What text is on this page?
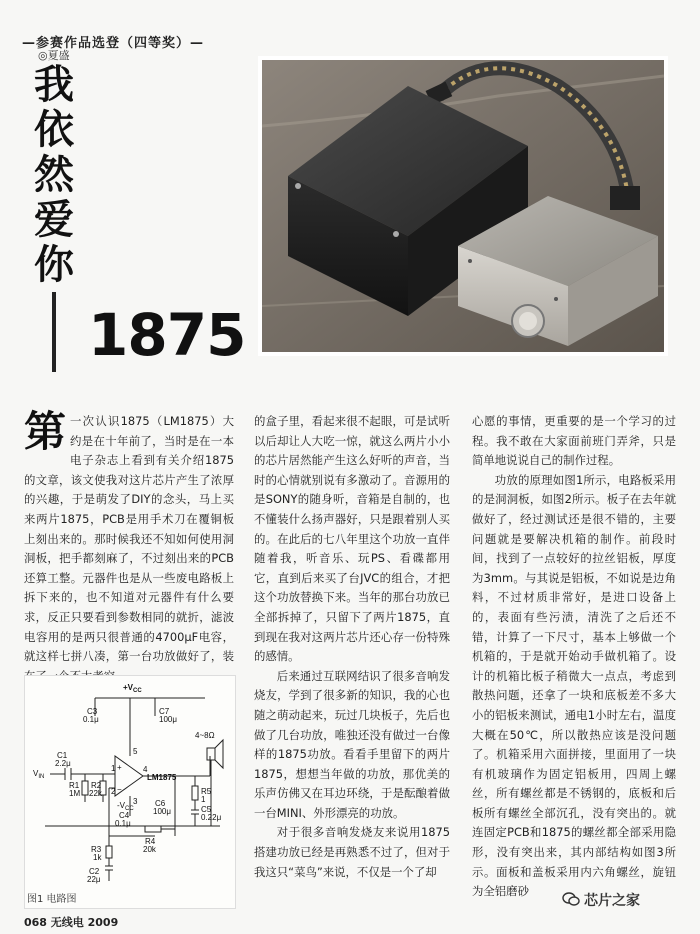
—参赛作品选登（四等奖）—
◎夏盛
我
依
然
爱
你
1875
第 一次认识1875（LM1875）大约是在十年前了，当时是在一本电子杂志上看到有关介绍1875的文章，该文使我对这片芯片产生了浓厚的兴趣，于是萌发了DIY的念头，马上买来两片1875，PCB是用手术刀在覆铜板上刻出来的。那时候我还不知如何使用洞洞板，把手都刻麻了，不过刻出来的PCB还算工整。元器件也是从一些废电路板上拆下来的，也不知道对元器件有什么要求，反正只要看到参数相同的就折，滤波电容用的是两只很普通的4700μF电容，就这样七拼八凑，第一台功放做好了，装

$+V_{CC}$
$V_{IN}$
C1
2.2μ
C3
0.1μ
C7
100μ
R1
1M
R2
22k
LM1875
+
−
1
2
3
4
5
$-V_{CC}$
C4
0.1μ
C6
100μ
R4
20k
R3
1k
C2
22μ
R5
1
C5
0.22μ
4~8Ω
图1 电路图

的盒子里，看起来很不起眼，可是试听以后却让人大吃一惊，就这么两片小小的芯片居然能产生这么好听的声音，当时的心情就别说有多激动了。音源用的是SONY的随身听，音箱是自制的，也不懂装什么扬声器好，只是跟着别人买的。在此后的七八年里这个功放一直伴随着我，听音乐、玩PS、看碟都用它，直到后来买了台JVC的组合，才把这个功放替换下来。当年的那台功放已全部拆掉了，只留下了两片1875，直到现在我对这两片芯片还心存一份特殊的感情。

后来通过互联网结识了很多音响发烧友，学到了很多新的知识，我的心也随之萌动起来，玩过几块板子，先后也做了几台功放，唯独还没有做过一台像样的1875功放。看看手里留下的两片1875，想想当年做的功放，那优美的乐声仿佛又在耳边环绕，于是酝酿着做一台MINI、外形漂亮的功放。

对于很多音响发烧友来说用1875搭建功放已经是再熟悉不过了，但对于我这只“菜鸟”来说，不仅是一个了却

心愿的事情，更重要的是一个学习的过程。我不敢在大家面前班门弄斧，只是简单地说说自己的制作过程。

功放的原理如图1所示，电路板采用的是洞洞板，如图2所示。板子在去年就做好了，经过测试还是很不错的，主要问题就是要解决机箱的制作。前段时间，找到了一点较好的拉丝铝板，厚度为3mm。与其说是铝板，不如说是边角料，不过材质非常好，是进口设备上的，表面有些污渍，清洗了之后还不错，计算了一下尺寸，基本上够做一个机箱的，于是就开始动手做机箱了。设计的机箱比板子稍微大一点点，考虑到散热问题，还拿了一块和底板差不多大小的铝板来测试，通电1小时左右，温度大概在50℃，所以散热应该是没问题了。机箱采用六面拼接，里面用了一块有机玻璃作为固定铝板用，四周上螺丝，所有螺丝都是不锈钢的，底板和后板所有螺丝全部沉孔，没有突出的。就连固定PCB和1875的螺丝都全部采用隐形，没有突出来，其内部结构如图3所示。面板和盖板采用内六角螺丝，旋钮为全铝磨砂

068 无线电 2009
芯片之家
